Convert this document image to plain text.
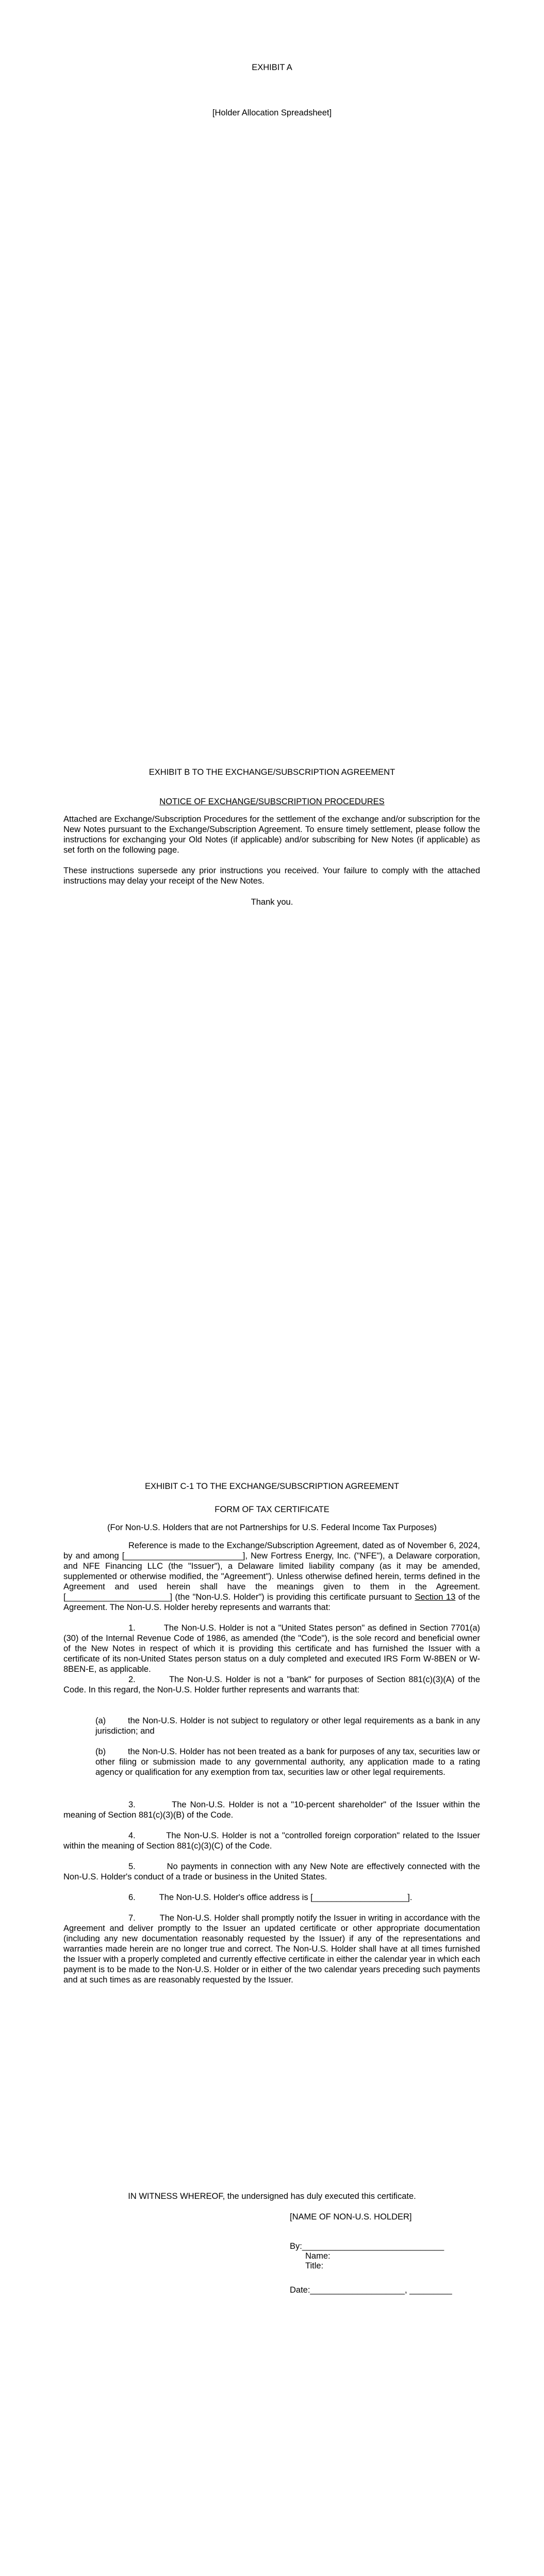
EXHIBIT A
[Holder Allocation Spreadsheet]
EXHIBIT B TO THE EXCHANGE/SUBSCRIPTION AGREEMENT
NOTICE OF EXCHANGE/SUBSCRIPTION PROCEDURES

Attached are Exchange/Subscription Procedures for the settlement of the exchange and/or subscription for the New Notes pursuant to the Exchange/Subscription Agreement. To ensure timely settlement, please follow the instructions for exchanging your Old Notes (if applicable) and/or subscribing for New Notes (if applicable) as set forth on the following page.

These instructions supersede any prior instructions you received. Your failure to comply with the attached instructions may delay your receipt of the New Notes.

Thank you.
EXHIBIT C-1 TO THE EXCHANGE/SUBSCRIPTION AGREEMENT
FORM OF TAX CERTIFICATE
(For Non-U.S. Holders that are not Partnerships for U.S. Federal Income Tax Purposes)

Reference is made to the Exchange/Subscription Agreement, dated as of November 6, 2024, by and among [_________________________], New Fortress Energy, Inc. ("NFE"), a Delaware corporation, and NFE Financing LLC (the "Issuer"), a Delaware limited liability company (as it may be amended, supplemented or otherwise modified, the "Agreement"). Unless otherwise defined herein, terms defined in the Agreement and used herein shall have the meanings given to them in the Agreement. [______________________] (the "Non-U.S. Holder") is providing this certificate pursuant to Section 13 of the Agreement. The Non-U.S. Holder hereby represents and warrants that:

1.          The Non-U.S. Holder is not a "United States person" as defined in Section 7701(a)(30) of the Internal Revenue Code of 1986, as amended (the "Code"), is the sole record and beneficial owner of the New Notes in respect of which it is providing this certificate and has furnished the Issuer with a certificate of its non-United States person status on a duly completed and executed IRS Form W-8BEN or W-8BEN-E, as applicable.

2.          The Non-U.S. Holder is not a "bank" for purposes of Section 881(c)(3)(A) of the Code. In this regard, the Non-U.S. Holder further represents and warrants that:

(a)	the Non-U.S. Holder is not subject to regulatory or other legal requirements as a bank in any jurisdiction; and

(b)	the Non-U.S. Holder has not been treated as a bank for purposes of any tax, securities law or other filing or submission made to any governmental authority, any application made to a rating agency or qualification for any exemption from tax, securities law or other legal requirements.

3.          The Non-U.S. Holder is not a "10-percent shareholder" of the Issuer within the meaning of Section 881(c)(3)(B) of the Code.

4.          The Non-U.S. Holder is not a "controlled foreign corporation" related to the Issuer within the meaning of Section 881(c)(3)(C) of the Code.

5.          No payments in connection with any New Note are effectively connected with the Non-U.S. Holder's conduct of a trade or business in the United States.

6.          The Non-U.S. Holder's office address is [____________________].

7.          The Non-U.S. Holder shall promptly notify the Issuer in writing in accordance with the Agreement and deliver promptly to the Issuer an updated certificate or other appropriate documentation (including any new documentation reasonably requested by the Issuer) if any of the representations and warranties made herein are no longer true and correct. The Non-U.S. Holder shall have at all times furnished the Issuer with a properly completed and currently effective certificate in either the calendar year in which each payment is to be made to the Non-U.S. Holder or in either of the two calendar years preceding such payments and at such times as are reasonably requested by the Issuer.

IN WITNESS WHEREOF, the undersigned has duly executed this certificate.
[NAME OF NON-U.S. HOLDER]
By:______________________________
Name:
Title:
Date:____________________, _________
